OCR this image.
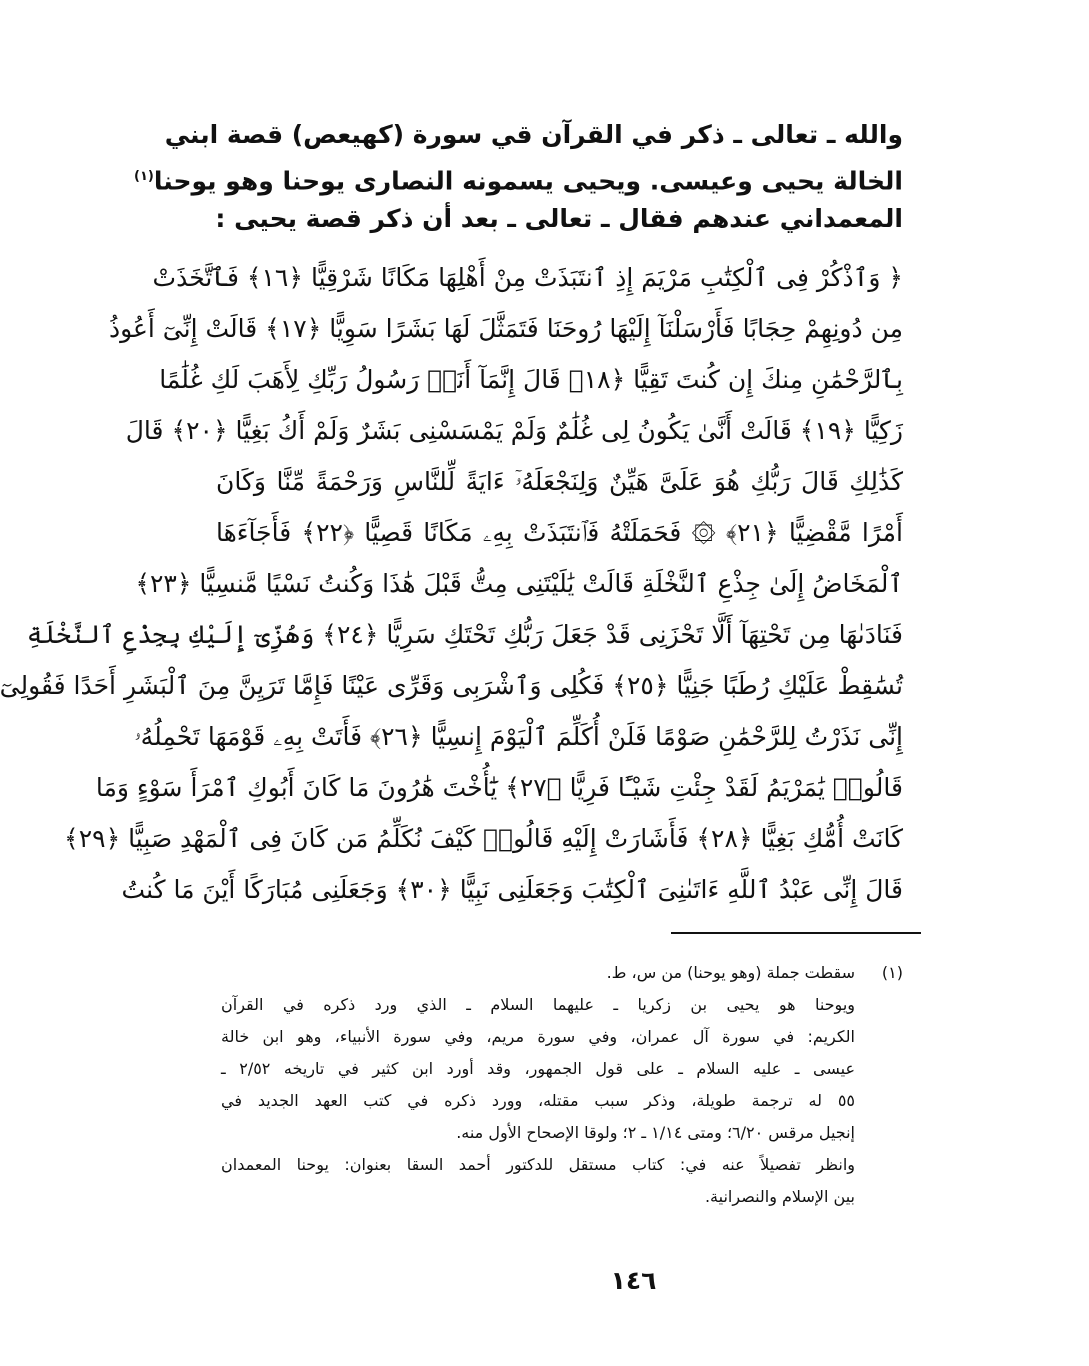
والله ـ تعالى ـ ذكر في القرآن قي سورة (كهيعص) قصة ابني
الخالة يحيى وعيسى. ويحيى يسمونه النصارى يوحنا وهو يوحنا$^{(١)}$
المعمداني عندهم فقال ـ تعالى ـ بعد أن ذكر قصة يحيى :
﴿ وَٱذْكُرْ فِى ٱلْكِتَٰبِ مَرْيَمَ إِذِ ٱنتَبَذَتْ مِنْ أَهْلِهَا مَكَانًا شَرْقِيًّا ﴿١٦﴾ فَٱتَّخَذَتْ
مِن دُونِهِمْ حِجَابًا فَأَرْسَلْنَآ إِلَيْهَا رُوحَنَا فَتَمَثَّلَ لَهَا بَشَرًا سَوِيًّا ﴿١٧﴾ قَالَتْ إِنِّىٓ أَعُوذُ
بِٱلرَّحْمَٰنِ مِنكَ إِن كُنتَ تَقِيًّا ﴿١٨﴾ قَالَ إِنَّمَآ أَنَا۠ رَسُولُ رَبِّكِ لِأَهَبَ لَكِ غُلَٰمًا
زَكِيًّا ﴿١٩﴾ قَالَتْ أَنَّىٰ يَكُونُ لِى غُلَٰمٌ وَلَمْ يَمْسَسْنِى بَشَرٌ وَلَمْ أَكُ بَغِيًّا ﴿٢٠﴾ قَالَ
كَذَٰلِكِ قَالَ رَبُّكِ هُوَ عَلَىَّ هَيِّنٌ وَلِنَجْعَلَهُۥٓ ءَايَةً لِّلنَّاسِ وَرَحْمَةً مِّنَّا وَكَانَ
أَمْرًا مَّقْضِيًّا ﴿٢١﴾ ۞ فَحَمَلَتْهُ فَٱنتَبَذَتْ بِهِۦ مَكَانًا قَصِيًّا ﴿٢٢﴾ فَأَجَآءَهَا
ٱلْمَخَاضُ إِلَىٰ جِذْعِ ٱلنَّخْلَةِ قَالَتْ يَٰلَيْتَنِى مِتُّ قَبْلَ هَٰذَا وَكُنتُ نَسْيًا مَّنسِيًّا ﴿٢٣﴾
فَنَادَىٰهَا مِن تَحْتِهَآ أَلَّا تَحْزَنِى قَدْ جَعَلَ رَبُّكِ تَحْتَكِ سَرِيًّا ﴿٢٤﴾ وَهُزِّىٓ إِلَيْكِ بِجِذْعِ ٱلنَّخْلَةِ
تُسَٰقِطْ عَلَيْكِ رُطَبًا جَنِيًّا ﴿٢٥﴾ فَكُلِى وَٱشْرَبِى وَقَرِّى عَيْنًا فَإِمَّا تَرَيِنَّ مِنَ ٱلْبَشَرِ أَحَدًا فَقُولِىٓ
إِنِّى نَذَرْتُ لِلرَّحْمَٰنِ صَوْمًا فَلَنْ أُكَلِّمَ ٱلْيَوْمَ إِنسِيًّا ﴿٢٦﴾ فَأَتَتْ بِهِۦ قَوْمَهَا تَحْمِلُهُۥ
قَالُوا۟ يَٰمَرْيَمُ لَقَدْ جِئْتِ شَيْـًٔا فَرِيًّا ﴿٢٧﴾ يَٰٓأُخْتَ هَٰرُونَ مَا كَانَ أَبُوكِ ٱمْرَأَ سَوْءٍ وَمَا
كَانَتْ أُمُّكِ بَغِيًّا ﴿٢٨﴾ فَأَشَارَتْ إِلَيْهِ قَالُوا۟ كَيْفَ نُكَلِّمُ مَن كَانَ فِى ٱلْمَهْدِ صَبِيًّا ﴿٢٩﴾
قَالَ إِنِّى عَبْدُ ٱللَّهِ ءَاتَىٰنِىَ ٱلْكِتَٰبَ وَجَعَلَنِى نَبِيًّا ﴿٣٠﴾ وَجَعَلَنِى مُبَارَكًا أَيْنَ مَا كُنتُ
(١)
سقطت جملة (وهو يوحنا) من س، ط.
ويوحنا هو يحيى بن زكريا ـ عليهما السلام ـ الذي ورد ذكره في القرآن
الكريم: في سورة آل عمران، وفي سورة مريم، وفي سورة الأنبياء، وهو ابن خالة
عيسى ـ عليه السلام ـ على قول الجمهور، وقد أورد ابن كثير في تاريخه ٢/٥٢ ـ
٥٥ له ترجمة طويلة، وذكر سبب مقتله، وورد ذكره في كتب العهد الجديد في
إنجيل مرقس ٦/٢٠؛ ومتى ١/١٤ ـ ٢؛ ولوقا الإصحاح الأول منه.
وانظر تفصيلاً عنه في: كتاب مستقل للدكتور أحمد السقا بعنوان: يوحنا المعمدان
بين الإسلام والنصرانية.
١٤٦
